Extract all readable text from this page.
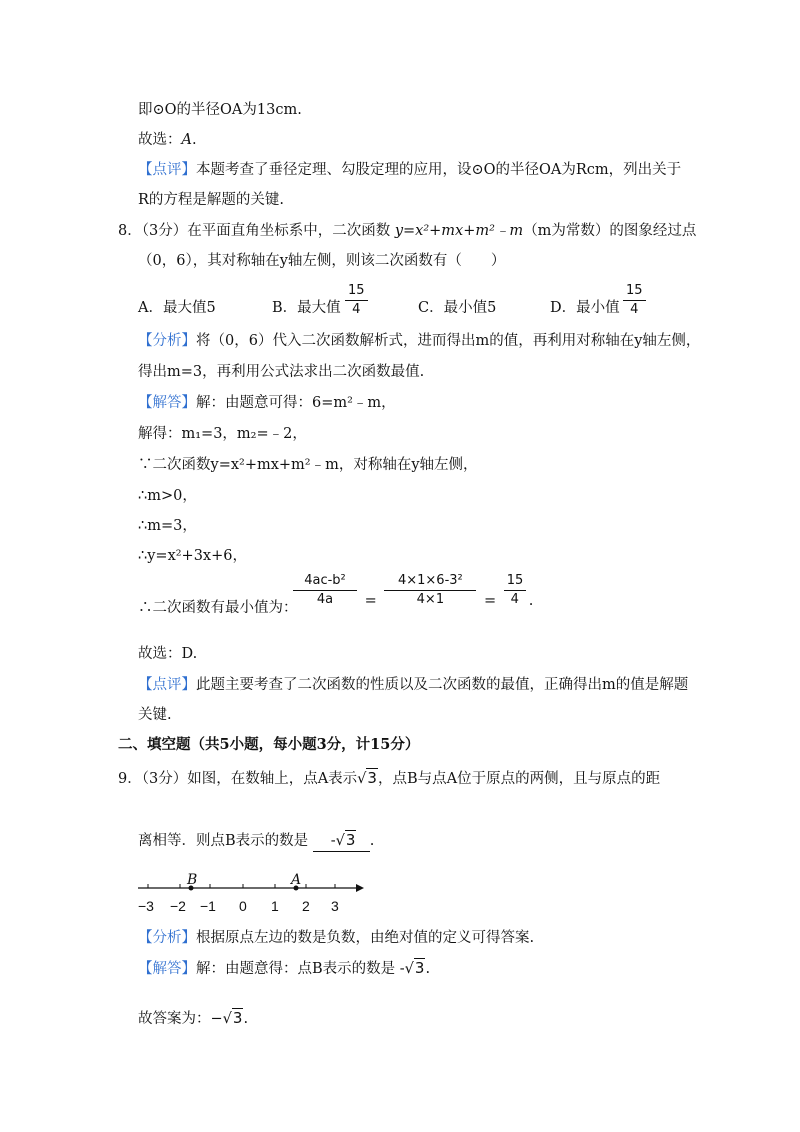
即⊙O的半径OA为13cm.
故选：A.
【点评】本题考查了垂径定理、勾股定理的应用，设⊙O的半径OA为Rcm，列出关于
R的方程是解题的关键.
8．（3分）在平面直角坐标系中，二次函数 y=x²+mx+m²﹣m（m为常数）的图象经过点
（0，6），其对称轴在y轴左侧，则该二次函数有（　　）
A．最大值5	B．最大值 $\frac{15}{4}$	C．最小值5	D．最小值 $\frac{15}{4}$
【分析】将（0，6）代入二次函数解析式，进而得出m的值，再利用对称轴在y轴左侧，
得出m=3，再利用公式法求出二次函数最值.
【解答】解：由题意可得：6=m²﹣m，
解得：m₁=3，m₂=﹣2，
∵二次函数y=x²+mx+m²﹣m，对称轴在y轴左侧，
∴m>0，
∴m=3，
∴y=x²+3x+6，
∴二次函数有最小值为：
$\frac{\text{4ac-b²}}{4a} = \frac{\text{4×1×6-3²}}{4\times 1} = \frac{15}{4}$ .
故选：D.
【点评】此题主要考查了二次函数的性质以及二次函数的最值，正确得出m的值是解题
关键.
二、填空题（共5小题，每小题3分，计15分）
9．（3分）如图，在数轴上，点A表示√3，点B与点A位于原点的两侧，且与原点的距
离相等．则点B表示的数是 -√3 .
B	A
−3 −2 −1 0 1 2 3
【分析】根据原点左边的数是负数，由绝对值的定义可得答案.
【解答】解：由题意得：点B表示的数是 -√3.
故答案为：−√3.
